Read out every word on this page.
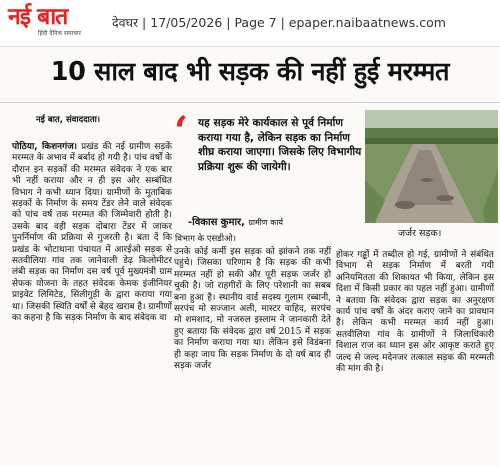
नई बात
हिंदी दैनिक समाचार
देवघर | 17/05/2026 | Page 7 | epaper.naibaatnews.com
10 साल बाद भी सड़क की नहीं हुई मरम्मत
नई बात, संवाददाता। ‘ यह सड़क मेरे कार्यकाल से पूर्व निर्माण कराया गया है, लेकिन सड़क का निर्माण शीघ्र कराया जाएगा। जिसके लिए विभागीय प्रक्रिया शुरू की जायेगी।
-विकास कुमार, ग्रामीण कार्य
विभाग के एसडीओ।	जर्जर सड़क।

पोठिया, किशनगंज। प्रखंड की नई ग्रामीण सड़कें मरम्मत के अभाव में बर्बाद हो गयी है। पांच वर्षों के दौरान इन सड़कों की मरम्मत संवेदक ने एक बार भी नहीं कराया और न ही इस ओर सम्बंधित विभाग ने कभी ध्यान दिया। ग्रामीणों के मुताबिक सड़कों के निर्माण के समय टेंडर लेने वाले संवेदक को पांच वर्ष तक मरम्मत की जिम्मेवारी होती है। उसके बाद वही सड़क दोबारा टेंडर में जाकर पुनर्निर्माण की प्रक्रिया से गुजरती है। बता दें कि प्रखंड के भोटाथाना पंचायत में आरईओ सड़क से सतवीलिया गांव तक जानेवाली डेढ़ किलोमीटर लंबी सड़क का निर्माण दस वर्ष पूर्व मुख्यमंत्री ग्राम सेफक योजना के तहत संवेदक केमक इंजीनियर प्राइवेट लिमिटेड, सिलीगुड़ी के द्वारा कराया गया था। जिसकी स्थिति वर्षों से बेहद खराब है। ग्रामीणों का कहना है कि सड़क निर्माण के बाद संवेदक वा

उनके कोई कर्मी इस सड़क को झांकने तक नहीं पहुंचे। जिसका परिणाम है कि सड़क की कभी मरम्मत नहीं हो सकी और पूरी सड़क जर्जर हो चुकी है। जो राहगीरों के लिए परेशानी का सबब बना हुआ है। स्थानीय वार्ड सदस्य गुलाम रब्बानी, सरपंच मो सज्जान अली, मास्टर वाहिद, सरपंच मो शमशाद, मो नजरुल इस्लाम ने जानकारी देते हुए बताया कि संवेदक द्वारा वर्ष 2015 में सड़क का निर्माण कराया गया था। लेकिन इसे विडंबना ही कहा जाय कि सड़क निर्माण के दो वर्ष बाद ही सड़क जर्जर

होकर गड्ढों में तब्दील हो गई, ग्रामीणों ने संबंधित विभाग से सड़क निर्माण में बरती गयी अनियमितता की शिकायत भी किया, लेकिन इस दिशा में किसी प्रकार का पहल नहीं हुआ। ग्रामीणों ने बताया कि संवेदक द्वारा सड़क का अनुरक्षण कार्य पांच वर्षों के अंदर कराए जाने का प्रावधान है। लेकिन कभी मरम्मत कार्य नहीं हुआ। सतवीलिया गांव के ग्रामीणों ने जिलाधिकारी विशाल राज का ध्यान इस ओर आकृष्ट कराते हुए जल्द से जल्द मदेनजर तत्काल सड़क की मरम्मती की मांग की है।
